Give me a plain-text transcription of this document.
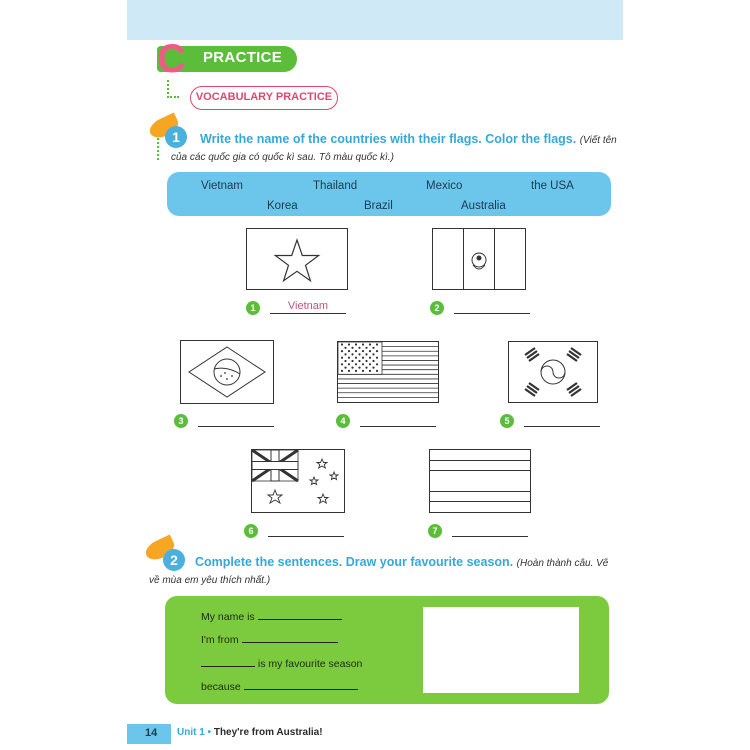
C	PRACTICE
VOCABULARY PRACTICE
1	Write the name of the countries with their flags. Color the flags. (Viết tên
của các quốc gia có quốc kì sau. Tô màu quốc kì.)
Vietnam	Thailand	Mexico	the USA
Korea	Brazil	Australia
1	Vietnam	2
3	4	5
6	7
2	Complete the sentences. Draw your favourite season. (Hoàn thành câu. Vẽ
về mùa em yêu thích nhất.)
My name is
I'm from
is my favourite season
because
14 Unit 1 • They're from Australia!
